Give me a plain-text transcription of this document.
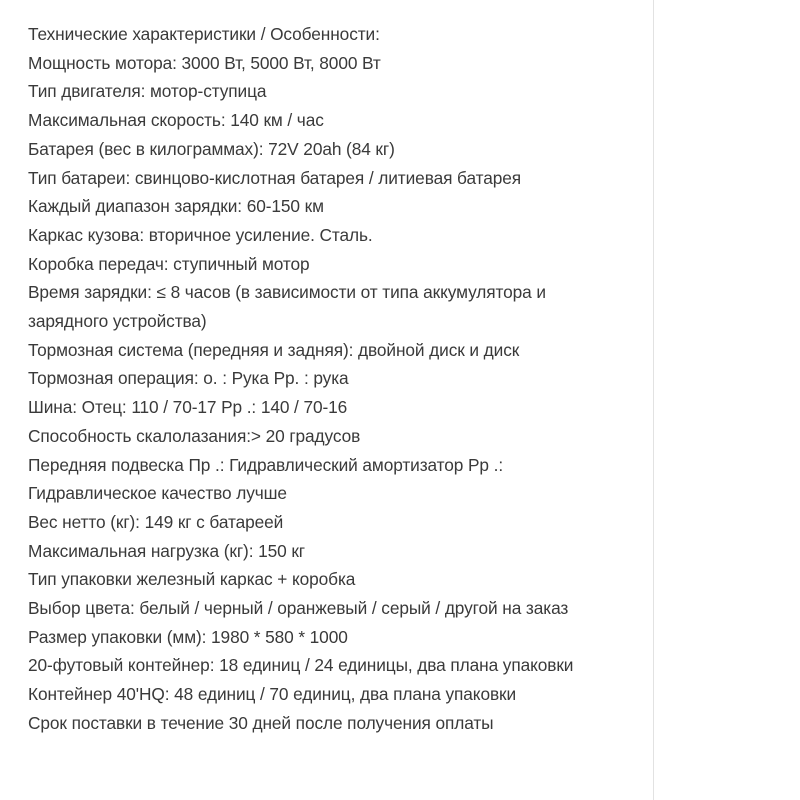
Технические характеристики / Особенности:

Мощность мотора: 3000 Вт, 5000 Вт, 8000 Вт

Тип двигателя: мотор-ступица

Максимальная скорость: 140 км / час

Батарея (вес в килограммах): 72V 20ah (84 кг)

Тип батареи: свинцово-кислотная батарея / литиевая батарея

Каждый диапазон зарядки: 60-150 км

Каркас кузова: вторичное усиление. Сталь.

Коробка передач: ступичный мотор

Время зарядки: ≤ 8 часов (в зависимости от типа аккумулятора и зарядного устройства)

Тормозная система (передняя и задняя): двойной диск и диск

Тормозная операция: о. : Рука Рр. : рука

Шина: Отец: 110 / 70-17 Рр .: 140 / 70-16

Способность скалолазания:> 20 градусов

Передняя подвеска Пр .: Гидравлический амортизатор Рр .: Гидравлическое качество лучше

Вес нетто (кг): 149 кг с батареей

Максимальная нагрузка (кг): 150 кг

Тип упаковки железный каркас + коробка

Выбор цвета: белый / черный / оранжевый / серый / другой на заказ

Размер упаковки (мм): 1980 * 580 * 1000

20-футовый контейнер: 18 единиц / 24 единицы, два плана упаковки

Контейнер 40'HQ: 48 единиц / 70 единиц, два плана упаковки

Срок поставки в течение 30 дней после получения оплаты
